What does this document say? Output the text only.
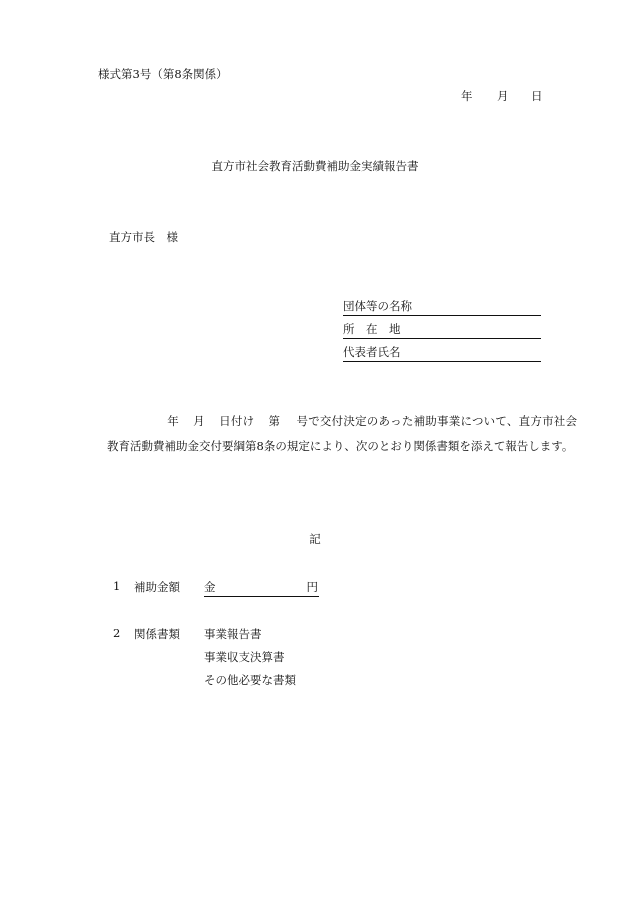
様式第3号（第8条関係）
年 月 日
直方市社会教育活動費補助金実績報告書
直方市長　様
団体等の名称
所　在　地
代表者氏名
年 月 日付け 第 号で交付決定のあった補助事業について、直方市社会教育活動費補助金交付要綱第8条の規定により、次のとおり関係書類を添えて報告します。
記
1 補助金額 金	円
2 関係書類 事業報告書
事業収支決算書
その他必要な書類
